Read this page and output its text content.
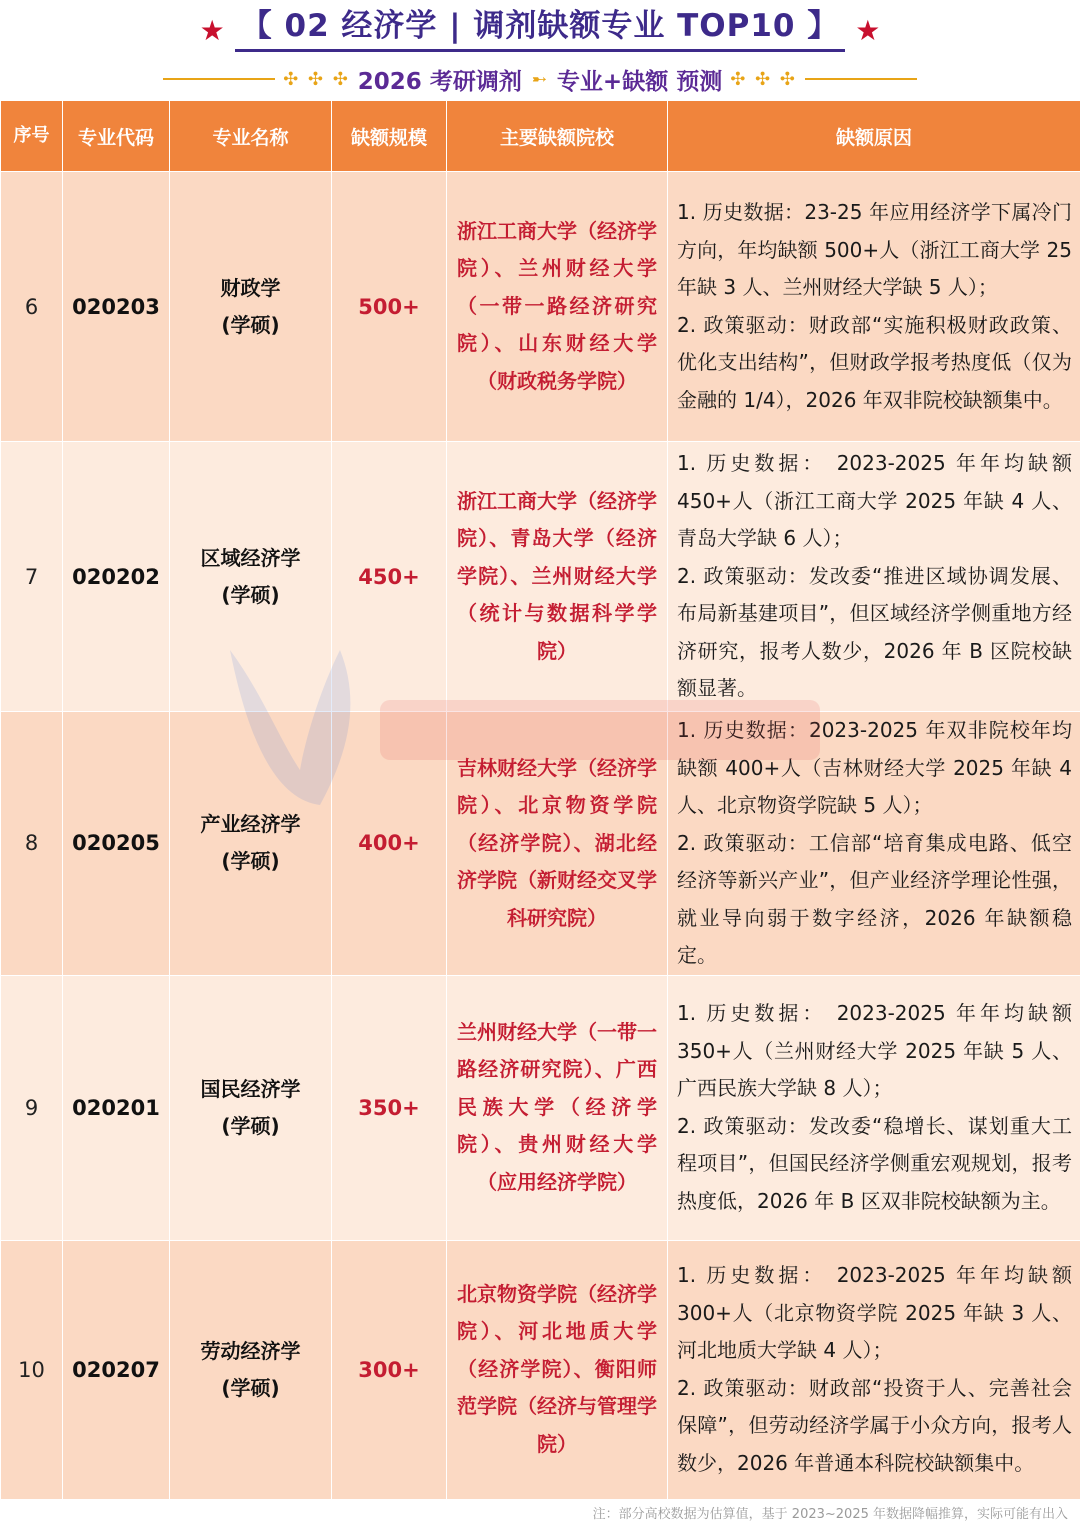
★ 【 02 经济学 | 调剂缺额专业 TOP10 】 ★
✣ ✣ ✣ 2026 考研调剂 ➸ 专业+缺额 预测 ✣ ✣ ✣
序号	专业代码	专业名称	缺额规模	主要缺额院校	缺额原因
6	020203	财政学
(学硕)	500+	浙江工商大学（经济学院）、兰州财经大学（一带一路经济研究院）、山东财经大学（财政税务学院）	1. 历史数据：23-25 年应用经济学下属冷门方向，年均缺额 500+人（浙江工商大学 25 年缺 3 人、兰州财经大学缺 5 人）；
2. 政策驱动：财政部“实施积极财政政策、优化支出结构”，但财政学报考热度低（仅为金融的 1/4），2026 年双非院校缺额集中。

7	020202	区域经济学
(学硕)	450+	浙江工商大学（经济学院）、青岛大学（经济学院）、兰州财经大学（统计与数据科学学院）	1. 历史数据： 2023-2025 年年均缺额 450+人（浙江工商大学 2025 年缺 4 人、青岛大学缺 6 人）；
2. 政策驱动：发改委“推进区域协调发展、布局新基建项目”，但区域经济学侧重地方经济研究，报考人数少，2026 年 B 区院校缺额显著。

8	020205	产业经济学
(学硕)	400+	吉林财经大学（经济学院）、北京物资学院（经济学院）、湖北经济学院（新财经交叉学科研究院）	1. 历史数据：2023-2025 年双非院校年均缺额 400+人（吉林财经大学 2025 年缺 4 人、北京物资学院缺 5 人）；
2. 政策驱动：工信部“培育集成电路、低空经济等新兴产业”，但产业经济学理论性强，就业导向弱于数字经济，2026 年缺额稳定。

9	020201	国民经济学
(学硕)	350+	兰州财经大学（一带一路经济研究院）、广西民族大学（经济学院）、贵州财经大学（应用经济学院）	1. 历史数据： 2023-2025 年年均缺额 350+人（兰州财经大学 2025 年缺 5 人、广西民族大学缺 8 人）；
2. 政策驱动：发改委“稳增长、谋划重大工程项目”，但国民经济学侧重宏观规划，报考热度低，2026 年 B 区双非院校缺额为主。

10	020207	劳动经济学
(学硕)	300+	北京物资学院（经济学院）、河北地质大学（经济学院）、衡阳师范学院（经济与管理学院）	1. 历史数据： 2023-2025 年年均缺额 300+人（北京物资学院 2025 年缺 3 人、河北地质大学缺 4 人）；
2. 政策驱动：财政部“投资于人、完善社会保障”，但劳动经济学属于小众方向，报考人数少，2026 年普通本科院校缺额集中。
注：部分高校数据为估算值，基于 2023~2025 年数据降幅推算，实际可能有出入
